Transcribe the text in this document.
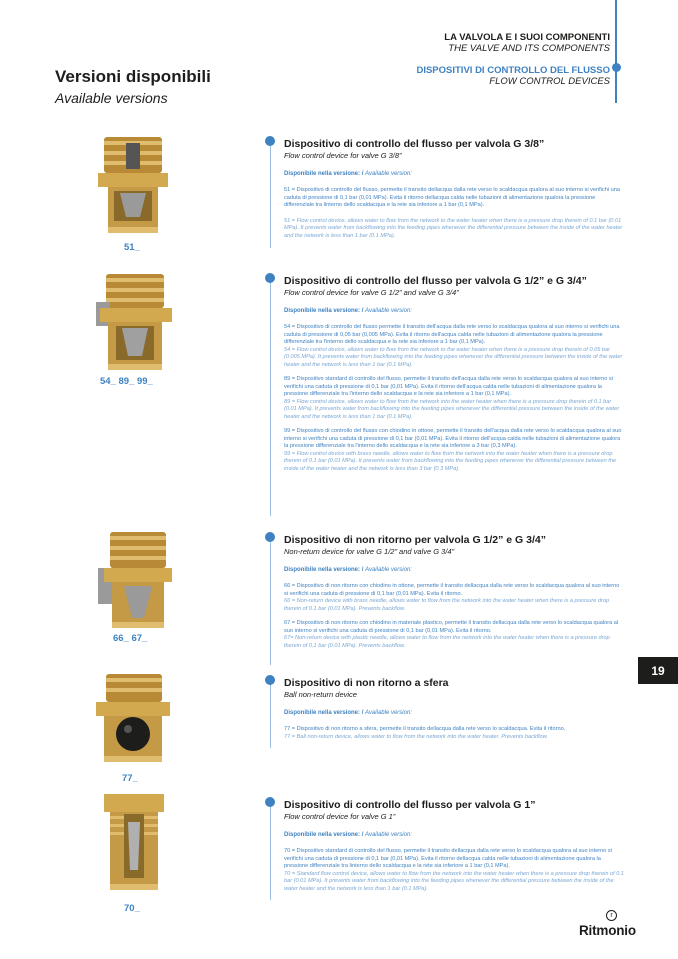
LA VALVOLA E I SUOI COMPONENTI
THE VALVE AND ITS COMPONENTS
DISPOSITIVI DI CONTROLLO DEL FLUSSO
FLOW CONTROL DEVICES
Versioni disponibili
Available versions
51_
54_ 89_ 99_
66_ 67_
77_
70_

Dispositivo di controllo del flusso per valvola G 3/8”

Flow control device for valve G 3/8”

Disponibile nella versione: / Available version:

51 = Dispositivo di controllo del flusso, permette il transito dellacqua dalla rete verso lo scaldacqua qualora al suo interno si verifichi una caduta di pressione di 0,1 bar (0,01 MPa). Evita il ritorno dellacqua calda nelle tubazioni di alimentazione qualora la pressione differenziale tra linterno dello scaldacqua e la rete sia inferiore a 1 bar (0,1 MPa).

51 = Flow control device, allows water to flow from the network to the water heater when there is a pressure drop therein of 0.1 bar (0.01 MPa). It prevents water from backflowing into the feeding pipes whenever the differential pressure between the inside of the water heater and the network is less than 1 bar (0.1 MPa).

Dispositivo di controllo del flusso per valvola G 1/2” e G 3/4”

Flow control device for valve G 1/2” and valve G 3/4”

Disponibile nella versione: / Available version:

54 = Dispositivo di controllo del flusso permette il transito dell'acqua dalla rete verso lo scaldacqua qualora al suo interno si verifichi una caduta di pressione di 0,05 bar (0,005 MPa). Evita il ritorno dell'acqua calda nelle tubazioni di alimentazione qualora la pressione differenziale tra l'interno dello scaldacqua e la rete sia inferiore a 1 bar (0,1 MPa).

54 = Flow control device, allows water to flow from the network to the water heater when there is a pressure drop therein of 0.05 bar (0.005 MPa). It prevents water from backflowing into the feeding pipes whenever the differential pressure between the inside of the water heater and the network is less than 1 bar (0.1 MPa).

89 = Dispositivo standard di controllo del flusso, permette il transito dell'acqua dalla rete verso lo scaldacqua qualora al suo interno si verifichi una caduta di pressione di 0,1 bar (0,01 MPa). Evita il ritorno dell'acqua calda nelle tubazioni di alimentazione qualora la pressione differenziale tra l'interno dello scaldacqua e la rete sia inferiore a 1 bar (0,1 MPa).

89 = Flow control device, allows water to flow from the network into the water heater when there is a pressure drop therein of 0.1 bar (0.01 MPa). It prevents water from backflowing into the feeding pipes whenever the differential pressure between the inside of the water heater and the network is less than 1 bar (0.1 MPa).

99 = Dispositivo di controllo del flusso con chiodino in ottone, permette il transito dell'acqua dalla rete verso lo scaldacqua qualora al suo interno si verifichi una caduta di pressione di 0,1 bar (0,01 MPa). Evita il ritorno dell'acqua calda nelle tubazioni di alimentazione qualora la pressione differenziale tra l'interno dello scaldacqua e la rete sia inferiore a 3 bar (0,3 MPa).

99 = Flow control device with brass needle, allows water to flow from the network into the water heater when there is a pressure drop therein of 0.1 bar (0.01 MPa). It prevents water from backflowing into the feeding pipes whenever the differential pressure between the inside of the water heater and the network is less than 3 bar (0.3 MPa).

Dispositivo di non ritorno per valvola G 1/2” e G 3/4”

Non-return device for valve G 1/2” and valve G 3/4”

Disponibile nella versione: / Available version:

66 = Dispositivo di non ritorno con chiodino in ottone, permette il transito dellacqua dalla rete verso lo scaldacqua qualora al suo interno si verifichi una caduta di pressione di 0,1 bar (0,01 MPa). Evita il ritorno.

66 = Non-return device with brass needle, allows water to flow from the network into the water heater when there is a pressure drop therein of 0.1 bar (0.01 MPa). Prevents backflow.

67 = Dispositivo di non ritorno con chiodino in materiale plastico, permette il transito dellacqua dalla rete verso lo scaldacqua qualora al suo interno si verifichi una caduta di pressione di 0,1 bar (0,01 MPa). Evita il ritorno.

67= Non-return device with plastic needle, allows water to flow from the network into the water heater when there is a pressure drop therein of 0.1 bar (0.01 MPa). Prevents backflow.

Dispositivo di non ritorno a sfera

Ball non-return device

Disponibile nella versione: / Available version:

77 = Dispositivo di non ritorno a sfera, permette il transito dellacqua dalla rete verso lo scaldacqua. Evita il ritorno.

77 = Ball non-return device, allows water to flow from the network into the water heater. Prevents backflow.

Dispositivo di controllo del flusso per valvola G 1”

Flow control device for valve G 1”

Disponibile nella versione: / Available version:

70 = Dispositivo standard di controllo del flusso, permette il transito dellacqua dalla rete verso lo scaldacqua qualora al suo interno si verifichi una caduta di pressione di 0,1 bar (0,01 MPa). Evita il ritorno dellacqua calda nelle tubazioni di alimentazione qualora la pressione differenziale tra linterno dello scaldacqua e la rete sia inferiore a 1 bar (0,1 MPa).

70 = Standard flow control device, allows water to flow from the network into the water heater when there is a pressure drop therein of 0.1 bar (0.01 MPa). It prevents water from backflowing into the feeding pipes whenever the differential pressure between the inside of the water heater and the network is less than 1 bar (0.1 MPa).

19
r
Ritmonio
